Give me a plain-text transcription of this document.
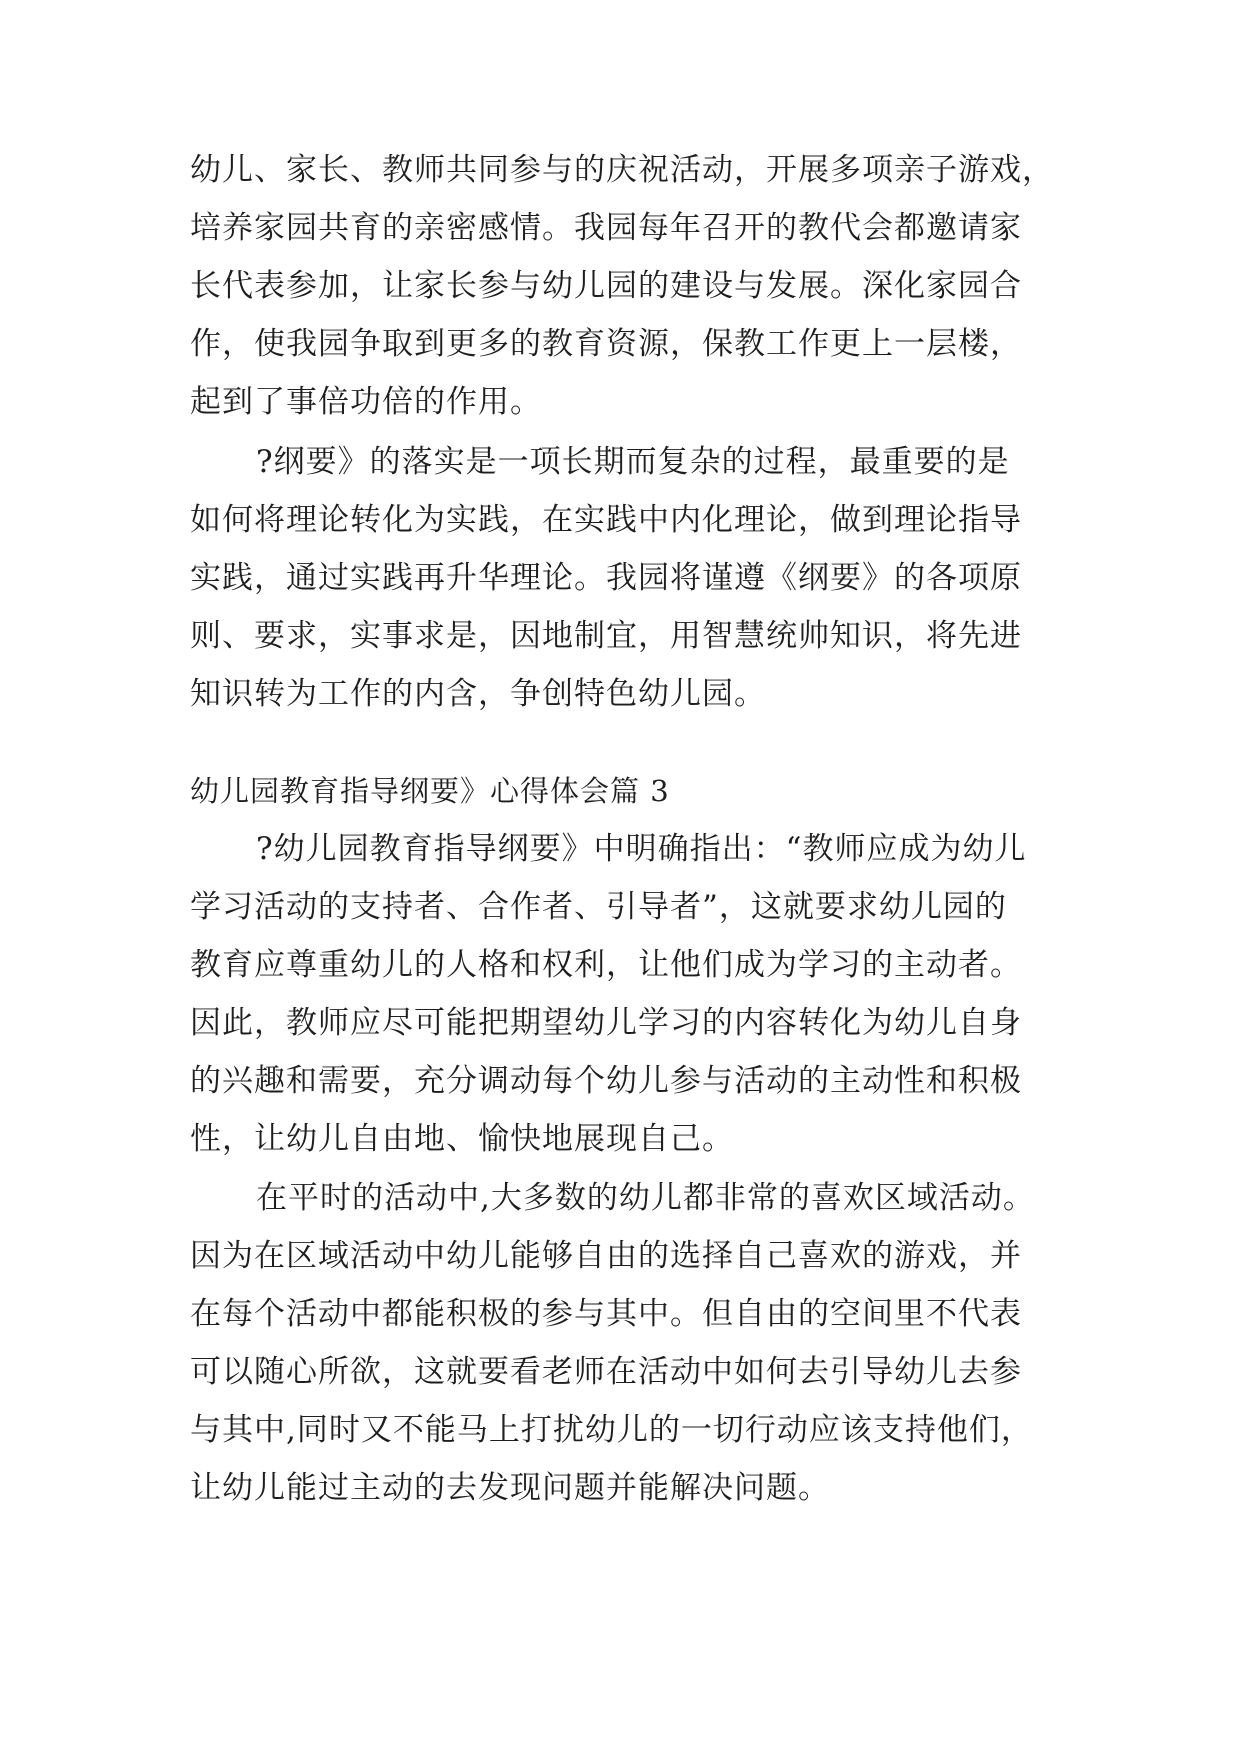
幼儿、家长、教师共同参与的庆祝活动，开展多项亲子游戏，
培养家园共育的亲密感情。我园每年召开的教代会都邀请家
长代表参加，让家长参与幼儿园的建设与发展。深化家园合
作，使我园争取到更多的教育资源，保教工作更上一层楼，
起到了事倍功倍的作用。
?纲要》的落实是一项长期而复杂的过程，最重要的是
如何将理论转化为实践，在实践中内化理论，做到理论指导
实践，通过实践再升华理论。我园将谨遵《纲要》的各项原
则、要求，实事求是，因地制宜，用智慧统帅知识，将先进
知识转为工作的内含，争创特色幼儿园。
幼儿园教育指导纲要》心得体会篇 3
?幼儿园教育指导纲要》中明确指出：“教师应成为幼儿
学习活动的支持者、合作者、引导者”，这就要求幼儿园的
教育应尊重幼儿的人格和权利，让他们成为学习的主动者。
因此，教师应尽可能把期望幼儿学习的内容转化为幼儿自身
的兴趣和需要，充分调动每个幼儿参与活动的主动性和积极
性，让幼儿自由地、愉快地展现自己。
在平时的活动中,大多数的幼儿都非常的喜欢区域活动。
因为在区域活动中幼儿能够自由的选择自己喜欢的游戏，并
在每个活动中都能积极的参与其中。但自由的空间里不代表
可以随心所欲，这就要看老师在活动中如何去引导幼儿去参
与其中,同时又不能马上打扰幼儿的一切行动应该支持他们，
让幼儿能过主动的去发现问题并能解决问题。
